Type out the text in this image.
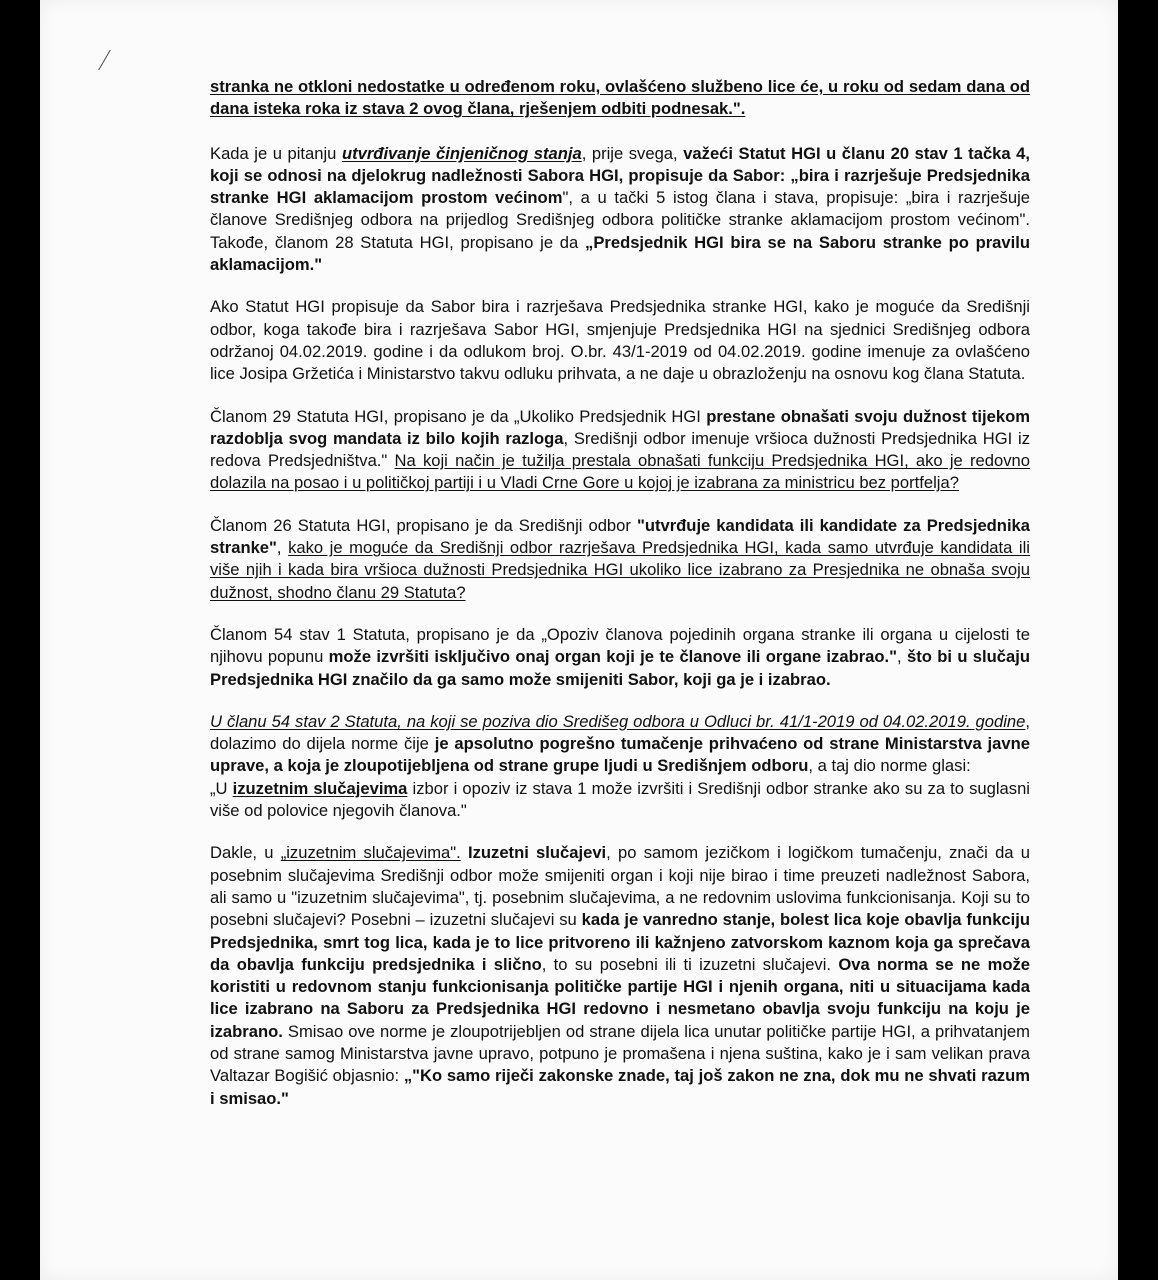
stranka ne otkloni nedostatke u određenom roku, ovlašćeno službeno lice će, u roku od sedam dana od dana isteka roka iz stava 2 ovog člana, rješenjem odbiti podnesak.".

Kada je u pitanju utvrđivanje činjeničnog stanja, prije svega, važeći Statut HGI u članu 20 stav 1 tačka 4, koji se odnosi na djelokrug nadležnosti Sabora HGI, propisuje da Sabor: „bira i razrješuje Predsjednika stranke HGI aklamacijom prostom većinom", a u tački 5 istog člana i stava, propisuje: „bira i razrješuje članove Središnjeg odbora na prijedlog Središnjeg odbora političke stranke aklamacijom prostom većinom". Takođe, članom 28 Statuta HGI, propisano je da „Predsjednik HGI bira se na Saboru stranke po pravilu aklamacijom."

Ako Statut HGI propisuje da Sabor bira i razrješava Predsjednika stranke HGI, kako je moguće da Središnji odbor, koga takođe bira i razrješava Sabor HGI, smjenjuje Predsjednika HGI na sjednici Središnjeg odbora održanoj 04.02.2019. godine i da odlukom broj. O.br. 43/1-2019 od 04.02.2019. godine imenuje za ovlašćeno lice Josipa Gržetića i Ministarstvo takvu odluku prihvata, a ne daje u obrazloženju na osnovu kog člana Statuta.

Članom 29 Statuta HGI, propisano je da „Ukoliko Predsjednik HGI prestane obnašati svoju dužnost tijekom razdoblja svog mandata iz bilo kojih razloga, Središnji odbor imenuje vršioca dužnosti Predsjednika HGI iz redova Predsjedništva." Na koji način je tužilja prestala obnašati funkciju Predsjednika HGI, ako je redovno dolazila na posao i u političkoj partiji i u Vladi Crne Gore u kojoj je izabrana za ministricu bez portfelja?

Članom 26 Statuta HGI, propisano je da Središnji odbor "utvrđuje kandidata ili kandidate za Predsjednika stranke", kako je moguće da Središnji odbor razrješava Predsjednika HGI, kada samo utvrđuje kandidata ili više njih i kada bira vršioca dužnosti Predsjednika HGI ukoliko lice izabrano za Presjednika ne obnaša svoju dužnost, shodno članu 29 Statuta?

Članom 54 stav 1 Statuta, propisano je da „Opoziv članova pojedinih organa stranke ili organa u cijelosti te njihovu popunu može izvršiti isključivo onaj organ koji je te članove ili organe izabrao.", što bi u slučaju Predsjednika HGI značilo da ga samo može smijeniti Sabor, koji ga je i izabrao.

U članu 54 stav 2 Statuta, na koji se poziva dio Središeg odbora u Odluci br. 41/1-2019 od 04.02.2019. godine, dolazimo do dijela norme čije je apsolutno pogrešno tumačenje prihvaćeno od strane Ministarstva javne uprave, a koja je zloupotijebljena od strane grupe ljudi u Središnjem odboru, a taj dio norme glasi:
„U izuzetnim slučajevima izbor i opoziv iz stava 1 može izvršiti i Središnji odbor stranke ako su za to suglasni više od polovice njegovih članova."

Dakle, u „izuzetnim slučajevima". Izuzetni slučajevi, po samom jezičkom i logičkom tumačenju, znači da u posebnim slučajevima Središnji odbor može smijeniti organ i koji nije birao i time preuzeti nadležnost Sabora, ali samo u "izuzetnim slučajevima", tj. posebnim slučajevima, a ne redovnim uslovima funkcionisanja. Koji su to posebni slučajevi? Posebni – izuzetni slučajevi su kada je vanredno stanje, bolest lica koje obavlja funkciju Predsjednika, smrt tog lica, kada je to lice pritvoreno ili kažnjeno zatvorskom kaznom koja ga sprečava da obavlja funkciju predsjednika i slično, to su posebni ili ti izuzetni slučajevi. Ova norma se ne može koristiti u redovnom stanju funkcionisanja političke partije HGI i njenih organa, niti u situacijama kada lice izabrano na Saboru za Predsjednika HGI redovno i nesmetano obavlja svoju funkciju na koju je izabrano. Smisao ove norme je zloupotrijebljen od strane dijela lica unutar političke partije HGI, a prihvatanjem od strane samog Ministarstva javne upravo, potpuno je promašena i njena suština, kako je i sam velikan prava Valtazar Bogišić objasnio: „"Ko samo riječi zakonske znade, taj još zakon ne zna, dok mu ne shvati razum i smisao."
